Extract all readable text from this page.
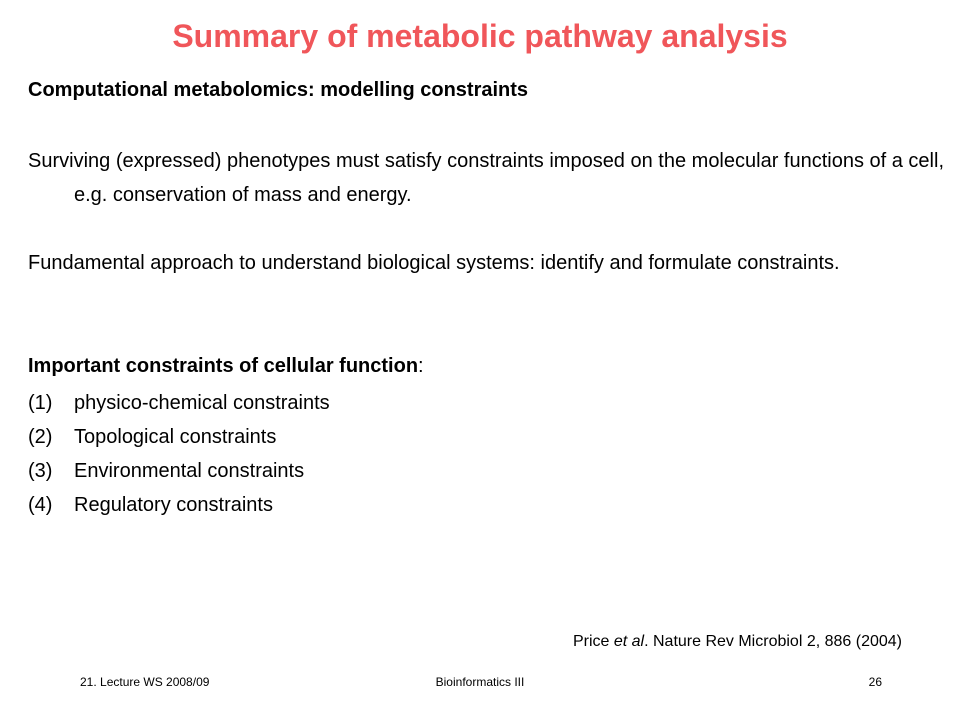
Summary of metabolic pathway analysis
Computational metabolomics: modelling constraints
Surviving (expressed) phenotypes must satisfy constraints imposed on the molecular functions of a cell, e.g. conservation of mass and energy.
Fundamental approach to understand biological systems: identify and formulate constraints.
Important constraints of cellular function:
(1)	physico-chemical constraints
(2)	Topological constraints
(3)	Environmental constraints
(4)	Regulatory constraints
Price et al. Nature Rev Microbiol 2, 886 (2004)
21. Lecture WS 2008/09	Bioinformatics III	26
